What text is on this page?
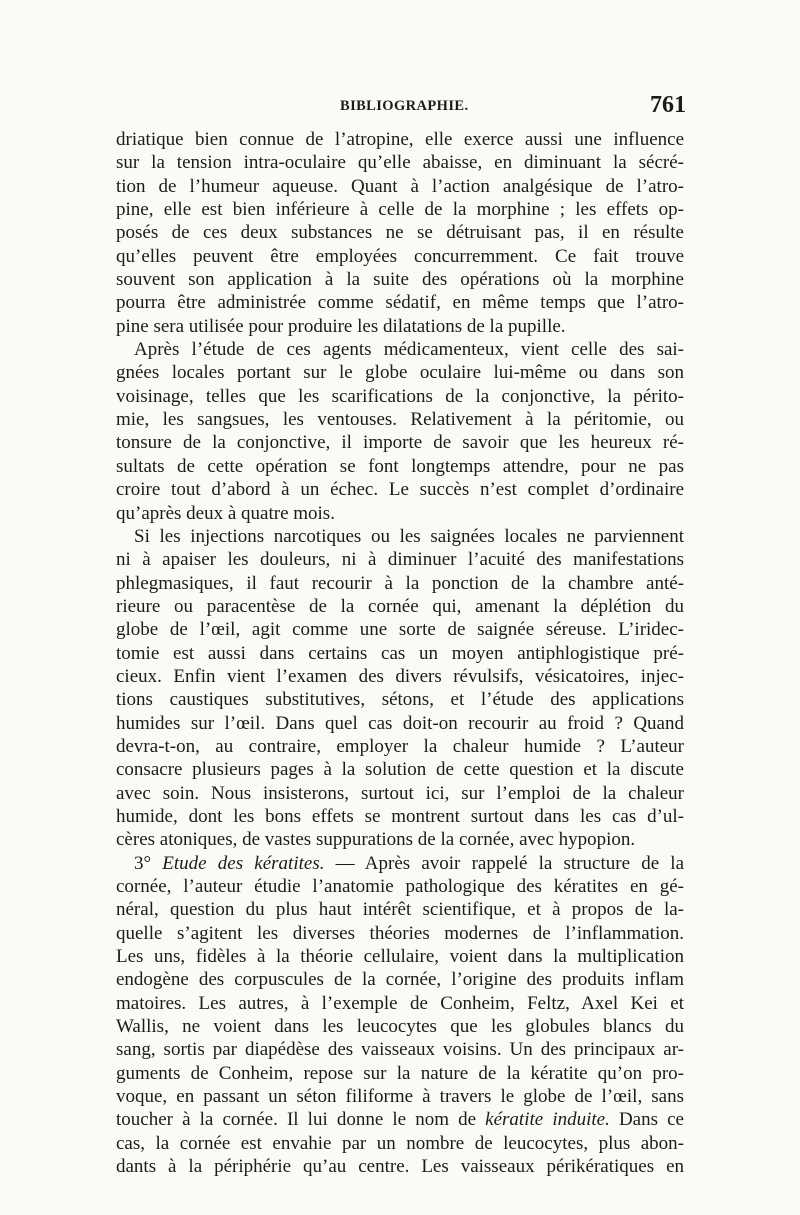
BIBLIOGRAPHIE.	761

driatique bien connue de l’atropine, elle exerce aussi une influence

sur la tension intra-oculaire qu’elle abaisse, en diminuant la sécré-

tion de l’humeur aqueuse. Quant à l’action analgésique de l’atro-

pine, elle est bien inférieure à celle de la morphine ; les effets op-

posés de ces deux substances ne se détruisant pas, il en résulte

qu’elles peuvent être employées concurremment. Ce fait trouve

souvent son application à la suite des opérations où la morphine

pourra être administrée comme sédatif, en même temps que l’atro-

pine sera utilisée pour produire les dilatations de la pupille.

Après l’étude de ces agents médicamenteux, vient celle des sai-

gnées locales portant sur le globe oculaire lui-même ou dans son

voisinage, telles que les scarifications de la conjonctive, la périto-

mie, les sangsues, les ventouses. Relativement à la péritomie, ou

tonsure de la conjonctive, il importe de savoir que les heureux ré-

sultats de cette opération se font longtemps attendre, pour ne pas

croire tout d’abord à un échec. Le succès n’est complet d’ordinaire

qu’après deux à quatre mois.

Si les injections narcotiques ou les saignées locales ne parviennent

ni à apaiser les douleurs, ni à diminuer l’acuité des manifestations

phlegmasiques, il faut recourir à la ponction de la chambre anté-

rieure ou paracentèse de la cornée qui, amenant la déplétion du

globe de l’œil, agit comme une sorte de saignée séreuse. L’iridec-

tomie est aussi dans certains cas un moyen antiphlogistique pré-

cieux. Enfin vient l’examen des divers révulsifs, vésicatoires, injec-

tions caustiques substitutives, sétons, et l’étude des applications

humides sur l’œil. Dans quel cas doit-on recourir au froid ? Quand

devra-t-on, au contraire, employer la chaleur humide ? L’auteur

consacre plusieurs pages à la solution de cette question et la discute

avec soin. Nous insisterons, surtout ici, sur l’emploi de la chaleur

humide, dont les bons effets se montrent surtout dans les cas d’ul-

cères atoniques, de vastes suppurations de la cornée, avec hypopion.

3° Etude des kératites. — Après avoir rappelé la structure de la

cornée, l’auteur étudie l’anatomie pathologique des kératites en gé-

néral, question du plus haut intérêt scientifique, et à propos de la-

quelle s’agitent les diverses théories modernes de l’inflammation.

Les uns, fidèles à la théorie cellulaire, voient dans la multiplication

endogène des corpuscules de la cornée, l’origine des produits inflam

matoires. Les autres, à l’exemple de Conheim, Feltz, Axel Kei et

Wallis, ne voient dans les leucocytes que les globules blancs du

sang, sortis par diapédèse des vaisseaux voisins. Un des principaux ar-

guments de Conheim, repose sur la nature de la kératite qu’on pro-

voque, en passant un séton filiforme à travers le globe de l’œil, sans

toucher à la cornée. Il lui donne le nom de kératite induite. Dans ce

cas, la cornée est envahie par un nombre de leucocytes, plus abon-

dants à la périphérie qu’au centre. Les vaisseaux périkératiques en
